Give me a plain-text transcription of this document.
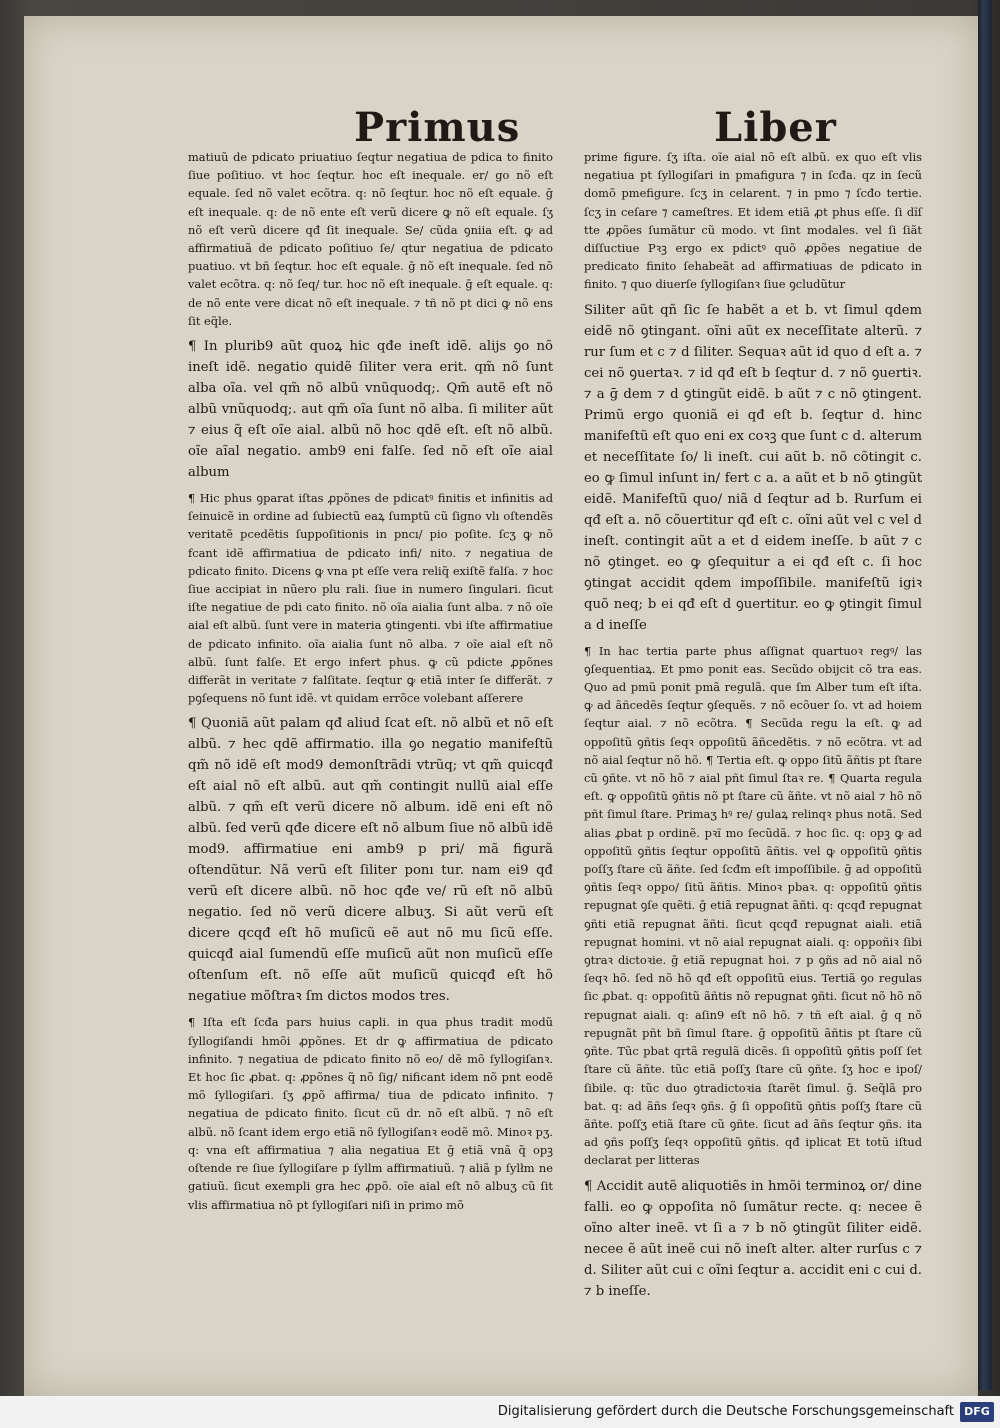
Primus	Liber

matiuũ de pdicato priuatiuo ſeqtur negatiua de pdica to finito ſiue poſitiuo. vt hoc ſeqtur. hoc eſt inequale. er/ go nõ eſt equale. ſed nõ valet ecõtra. q: nõ ſeqtur. hoc nõ eſt equale. ḡ eſt inequale. q: de nõ ente eſt verũ dicere ꝙ nõ eſt equale. ſʒ nõ eſt verũ dicere qđ ſit inequale. Se/ cũda ꝯniia eſt. ꝙ ad affirmatiuã de pdicato poſitiuo ſe/ qtur negatiua de pdicato puatiuo. vt bñ ſeqtur. hoc eſt equale. ḡ nõ eſt inequale. ſed nõ valet ecõtra. q: nõ ſeq/ tur. hoc nõ eſt inequale. ḡ eſt equale. q: de nõ ente vere dicat nõ eſt inequale. ⁊ tñ nõ pt dici ꝙ nõ ens ſit eq̃le.

¶ In plurib9 aũt quoꝝ hic qđe ineſt idẽ. alijs ꝯo nõ ineſt idẽ. negatio quidẽ ſiliter vera erit. qm̃ nõ ſunt alba oĩa. vel qm̃ nõ albũ vnũquodq;. Qm̃ autẽ eſt nõ albũ vnũquodq;. aut qm̃ oĩa ſunt nõ alba. ſi militer aũt ⁊ eius q̃ eſt oĩe aial. albũ nõ hoc qdẽ eſt. eſt nõ albũ. oĩe aĩal negatio. amb9 eni falſe. ſed nõ eſt oĩe aial album

¶ Hic phus ꝯparat iſtas ꝓpõnes de pdicatꝰ finitis et infinitis ad ſeinuicẽ in ordine ad ſubiectũ eaꝝ ſumptũ cũ ſigno vlı oſtendẽs veritatẽ pcedẽtis ſuppoſitionis in pncı/ pio poſite. ſcʒ ꝙ nõ fcant idẽ affirmatiua de pdicato infi/ nito. ⁊ negatiua de pdicato finito. Dicens ꝙ vna pt eſſe vera reliq̃ exiſtẽ falſa. ⁊ hoc ſiue accipiat in nũero plu rali. ſiue in numero ſingulari. ſicut iſte negatiue de pdi cato finito. nõ oĩa aialia ſunt alba. ⁊ nõ oĩe aial eſt albũ. ſunt vere in materia ꝯtingenti. vbi iſte affirmatiue de pdicato infinito. oĩa aialia ſunt nõ alba. ⁊ oĩe aial eſt nõ albũ. ſunt falſe. Et ergo infert phus. ꝙ cũ pdicte ꝓpõnes differãt in veritate ⁊ falſitate. ſeqtur ꝙ etiã inter ſe differãt. ⁊ pꝯſequens nõ ſunt idẽ. vt quidam errõce volebant aſſerere

¶ Quoniã aũt palam qđ aliud ſcat eſt. nõ albũ et nõ eſt albũ. ⁊ hec qdẽ affirmatio. illa ꝯo negatio manifeſtũ qm̃ nõ idẽ eſt mod9 demonſtrãdi vtrũq; vt qm̃ quicqđ eſt aial nõ eſt albũ. aut qm̃ contingit nullũ aial eſſe albũ. ⁊ qm̃ eſt verũ dicere nõ album. idẽ eni eſt nõ albũ. ſed verũ qđe dicere eſt nõ album ſiue nõ albũ idẽ mod9. affirmatiue eni amb9 p pri/ mã figurã oſtendũtur. Nã verũ eſt ſiliter ponı tur. nam ei9 qđ verũ eſt dicere albũ. nõ hoc qđe ve/ rũ eſt nõ albũ negatio. ſed nõ verũ dicere albuʒ. Si aũt verũ eſt dicere qcqđ eſt hõ muſicũ eẽ aut nõ mu ſicũ eſſe. quicqđ aial ſumendũ eſſe muſicũ aũt non muſicũ eſſe oſtenſum eſt. nõ eſſe aũt muſicũ quicqđ eſt hõ negatiue mõſtraꝛ ſm dictos modos tres.

¶ Iſta eſt ſcđa pars huius capli. in qua phus tradit modũ ſyllogiſandi hmõi ꝓpõnes. Et dr ꝙ affirmatiua de pdicato infinito. ⁊ negatiua de pdicato finito nõ eo/ dẽ mõ ſyllogiſanꝛ. Et hoc ſic ꝓbat. q: ꝓpõnes q̃ nõ ſig/ nificant idem nõ pnt eodẽ mõ ſyllogiſari. ſʒ ꝓpõ affirma/ tiua de pdicato infinito. ⁊ negatiua de pdicato finito. ſicut cũ dr. nõ eſt albũ. ⁊ nõ eſt albũ. nõ ſcant idem ergo etiã nõ ſyllogiſanꝛ eodẽ mõ. Minoꝛ pʒ. q: vna eſt affirmatiua ⁊ alia negatiua Et ḡ etiã vnã q̃ opꝫ oſtende re ſiue ſyllogiſare p ſyllm affirmatiuũ. ⁊ aliã p ſylłm ne gatiuũ. ſicut exempli gra hec ꝓpõ. oĩe aial eſt nõ albuʒ cũ ſit vlis affirmatiua nõ pt ſyllogiſari niſi in primo mõ

prime figure. ſʒ iſta. oĩe aial nõ eſt albũ. ex quo eſt vlis negatiua pt ſyllogiſari in pmafigura ⁊ in ſcđa. qz in ſecũ domõ pmefigure. ſcʒ in celarent. ⁊ in pmo ⁊ ſcđo tertie. ſcʒ in ceſare ⁊ cameſtres. Et idem etiã ꝓt phus eſſe. ſi dĩſ tte ꝓpões ſumãtur cũ modo. vt ſint modales. vel ſi ſiãt diſſuctiue Pꝛꝫ ergo ex pdictꝰ quõ ꝓpões negatiue de predicato finito ſehabeãt ad affirmatiuas de pdicato in finito. ⁊ quo diuerſe ſyllogiſanꝛ ſiue ꝯcludũtur

Siliter aũt qñ ſic ſe habẽt a et b. vt ſimul qdem eidẽ nõ ꝯtingant. oĩni aũt ex neceſſitate alterũ. ⁊ rur ſum et c ⁊ d ſiliter. Sequaꝛ aũt id quo d eſt a. ⁊ cei nõ ꝯuertaꝛ. ⁊ id qđ eſt b ſeqtur d. ⁊ nõ ꝯuertiꝛ. ⁊ a ḡ dem ⁊ d ꝯtingũt eidẽ. b aũt ⁊ c nõ ꝯtingent. Primũ ergo quoniã ei qđ eſt b. ſeqtur d. hinc manifeſtũ eſt quo eni ex coꝛꝫ que ſunt c d. alterum et neceſſitate ſo/ li ineſt. cui aũt b. nõ cõtingit c. eo ꝙ ſimul inſunt in/ fert c a. a aũt et b nõ ꝯtingũt eidẽ. Manifeſtũ quo/ niã d ſeqtur ad b. Rurſum ei qđ eſt a. nõ cõuertitur qđ eſt c. oĩni aũt vel c vel d ineſt. contingit aũt a et d eidem ineſſe. b aũt ⁊ c nõ ꝯtinget. eo ꝙ ꝯſequitur a ei qđ eſt c. ſi hoc ꝯtingat accidit qdem impoſſibile. manifeſtũ igiꝛ quõ neq; b ei qđ eſt d ꝯuertitur. eo ꝙ ꝯtingit ſimul a d ineſſe

¶ In hac tertia parte phus aſſignat quartuoꝛ regꝰ/ las ꝯſequentiaꝝ. Et pmo ponit eas. Secũdo obijcit cõ tra eas. Quo ad pmũ ponit pmã regulã. que ſm Alber tum eſt iſta. ꝙ ad ãñcedẽs ſeqtur ꝯſequẽs. ⁊ nõ ecõuer ſo. vt ad hoiem ſeqtur aial. ⁊ nõ ecõtra. ¶ Secũda regu la eſt. ꝙ ad oppoſitũ ꝯñtis ſeqꝛ oppoſitũ ãñcedẽtis. ⁊ nõ ecõtra. vt ad nõ aial ſeqtur nõ hõ. ¶ Tertia eſt. ꝙ oppo ſitũ ãñtis pt ſtare cũ ꝯñte. vt nõ hõ ⁊ aial pñt ſimul ſtaꝛ re. ¶ Quarta regula eſt. ꝙ oppoſitũ ꝯñtis nõ pt ſtare cũ ãñte. vt nõ aial ⁊ hõ nõ pñt ſimul ſtare. Primaʒ hꝰ re/ gulaꝝ relinqꝛ phus notã. Sed alias ꝓbat p ordinẽ. pꝛĩ mo ſecũdã. ⁊ hoc ſic. q: opꝫ ꝙ ad oppoſitũ ꝯñtis ſeqtur oppoſitũ ãñtis. vel ꝙ oppoſitũ ꝯñtis poſſʒ ſtare cũ ãñte. ſed ſcđm eſt impoſſibile. ḡ ad oppoſitũ ꝯñtis ſeqꝛ oppo/ ſitũ ãñtis. Minoꝛ pbaꝛ. q: oppoſitũ ꝯñtis repugnat ꝯſe quẽti. ḡ etiã repugnat ãñti. q: qcqđ repugnat ꝯñti etiã repugnat ãñti. ſicut qcqđ repugnat aiali. etiã repugnat homini. vt nõ aial repugnat aiali. q: oppoñiꝛ ſibi ꝯtraꝛ dictoꝛie. ḡ etiã repugnat hoi. ⁊ p ꝯñs ad nõ aial nõ ſeqꝛ hõ. ſed nõ hõ qđ eſt oppoſitũ eius. Tertiã ꝯo regulas ſic ꝓbat. q: oppoſitũ ãñtis nõ repugnat ꝯñti. ſicut nõ hõ nõ repugnat aiali. q: aſin9 eſt nõ hõ. ⁊ tñ eſt aial. ḡ q nõ repugnãt pñt bñ ſimul ſtare. ḡ oppoſitũ ãñtis pt ſtare cũ ꝯñte. Tũc pbat qrtã regulã dicẽs. ſi oppoſitũ ꝯñtis poſſ ſet ſtare cũ ãñte. tũc etiã poſſʒ ſtare cũ ꝯñte. ſʒ hoc e ipoſ/ ſibile. q: tũc duo ꝯtradictoꝛia ſtarẽt ſimul. ḡ. Seq̃lã pro bat. q: ad ãñs ſeqꝛ ꝯñs. ḡ ſi oppoſitũ ꝯñtis poſſʒ ſtare cũ ãñte. poſſʒ etiã ſtare cũ ꝯñte. ſicut ad ãñs ſeqtur ꝯñs. ita ad ꝯñs poſſʒ ſeqꝛ oppoſitũ ꝯñtis. qđ iplicat Et totũ iſtud declarat per litteras

¶ Accidit autẽ aliquotiẽs in hmõi terminoꝝ or/ dine falli. eo ꝙ oppoſita nõ ſumãtur recte. q: necee ẽ oĩno alter ineẽ. vt ſi a ⁊ b nõ ꝯtingũt ſiliter eidẽ. necee ẽ aũt ineẽ cui nõ ineſt alter. alter rurſus c ⁊ d. Siliter aũt cui c oĩni ſeqtur a. accidit eni c cui d. ⁊ b ineſſe.

Digitalisierung gefördert durch die Deutsche Forschungsgemeinschaft DFG
